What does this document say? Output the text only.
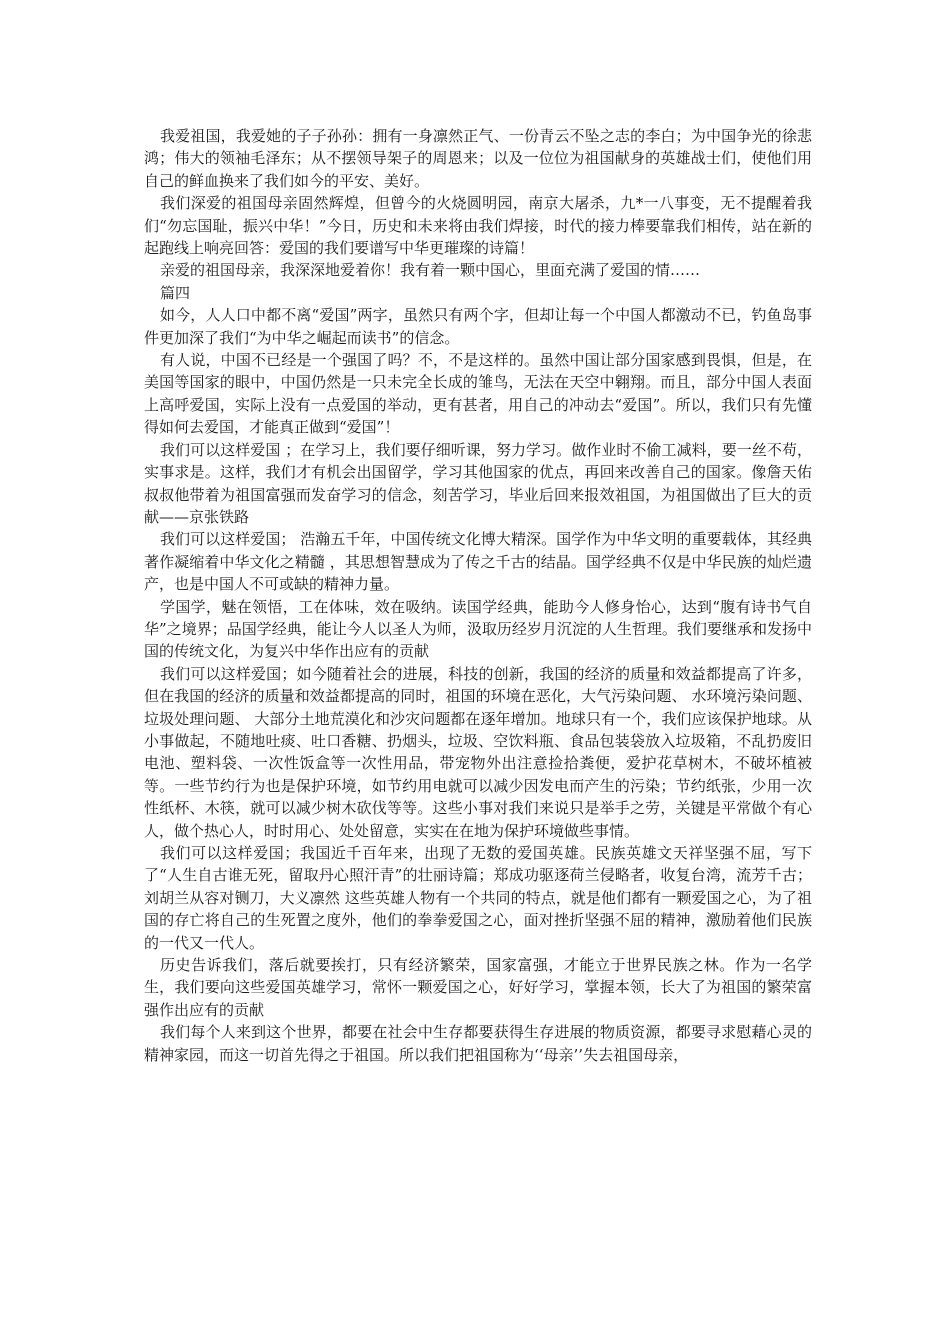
我爱祖国，我爱她的子子孙孙：拥有一身凛然正气、一份青云不坠之志的李白；为中国争光的徐悲鸿；伟大的领袖毛泽东；从不摆领导架子的周恩来；以及一位位为祖国献身的英雄战士们，使他们用自己的鲜血换来了我们如今的平安、美好。

我们深爱的祖国母亲固然辉煌，但曾今的火烧圆明园，南京大屠杀，九*一八事变，无不提醒着我们“勿忘国耻，振兴中华！”今日，历史和未来将由我们焊接，时代的接力棒要靠我们相传，站在新的起跑线上响亮回答：爱国的我们要谱写中华更璀璨的诗篇！

亲爱的祖国母亲，我深深地爱着你！我有着一颗中国心，里面充满了爱国的情……

篇四

如今，人人口中都不离“爱国”两字，虽然只有两个字，但却让每一个中国人都激动不已，钓鱼岛事件更加深了我们“为中华之崛起而读书”的信念。

有人说，中国不已经是一个强国了吗？不，不是这样的。虽然中国让部分国家感到畏惧，但是，在美国等国家的眼中，中国仍然是一只未完全长成的雏鸟，无法在天空中翱翔。而且，部分中国人表面上高呼爱国，实际上没有一点爱国的举动，更有甚者，用自己的冲动去“爱国”。所以，我们只有先懂得如何去爱国，才能真正做到“爱国”！

我们可以这样爱国 ；在学习上，我们要仔细听课，努力学习。做作业时不偷工减料，要一丝不苟， 实事求是。这样，我们才有机会出国留学，学习其他国家的优点，再回来改善自己的国家。像詹天佑叔叔他带着为祖国富强而发奋学习的信念，刻苦学习，毕业后回来报效祖国，为祖国做出了巨大的贡献——京张铁路

我们可以这样爱国； 浩瀚五千年，中国传统文化博大精深。国学作为中华文明的重要载体，其经典著作凝缩着中华文化之精髓 ，其思想智慧成为了传之千古的结晶。国学经典不仅是中华民族的灿烂遗产，也是中国人不可或缺的精神力量。

学国学，魅在领悟，工在体味，效在吸纳。读国学经典，能助今人修身怡心，达到“腹有诗书气自华”之境界；品国学经典，能让今人以圣人为师，汲取历经岁月沉淀的人生哲理。我们要继承和发扬中国的传统文化，为复兴中华作出应有的贡献

我们可以这样爱国；如今随着社会的进展，科技的创新，我国的经济的质量和效益都提高了许多，但在我国的经济的质量和效益都提高的同时，祖国的环境在恶化，大气污染问题、 水环境污染问题、 垃圾处理问题、 大部分土地荒漠化和沙灾问题都在逐年增加。地球只有一个，我们应该保护地球。从小事做起，不随地吐痰、吐口香糖、扔烟头，垃圾、空饮料瓶、食品包装袋放入垃圾箱，不乱扔废旧电池、塑料袋、一次性饭盒等一次性用品，带宠物外出注意捡拾粪便，爱护花草树木，不破坏植被等。一些节约行为也是保护环境，如节约用电就可以减少因发电而产生的污染；节约纸张，少用一次性纸杯、木筷，就可以减少树木砍伐等等。这些小事对我们来说只是举手之劳，关键是平常做个有心人，做个热心人，时时用心、处处留意，实实在在地为保护环境做些事情。

我们可以这样爱国；我国近千百年来，出现了无数的爱国英雄。民族英雄文天祥坚强不屈，写下了“人生自古谁无死，留取丹心照汗青”的壮丽诗篇；郑成功驱逐荷兰侵略者，收复台湾，流芳千古；刘胡兰从容对铡刀，大义凛然 这些英雄人物有一个共同的特点，就是他们都有一颗爱国之心，为了祖国的存亡将自己的生死置之度外，他们的拳拳爱国之心，面对挫折坚强不屈的精神，激励着他们民族的一代又一代人。

历史告诉我们，落后就要挨打，只有经济繁荣，国家富强，才能立于世界民族之林。作为一名学生，我们要向这些爱国英雄学习，常怀一颗爱国之心，好好学习，掌握本领，长大了为祖国的繁荣富强作出应有的贡献

我们每个人来到这个世界，都要在社会中生存都要获得生存进展的物质资源，都要寻求慰藉心灵的精神家园，而这一切首先得之于祖国。所以我们把祖国称为‘‘母亲’’失去祖国母亲，
